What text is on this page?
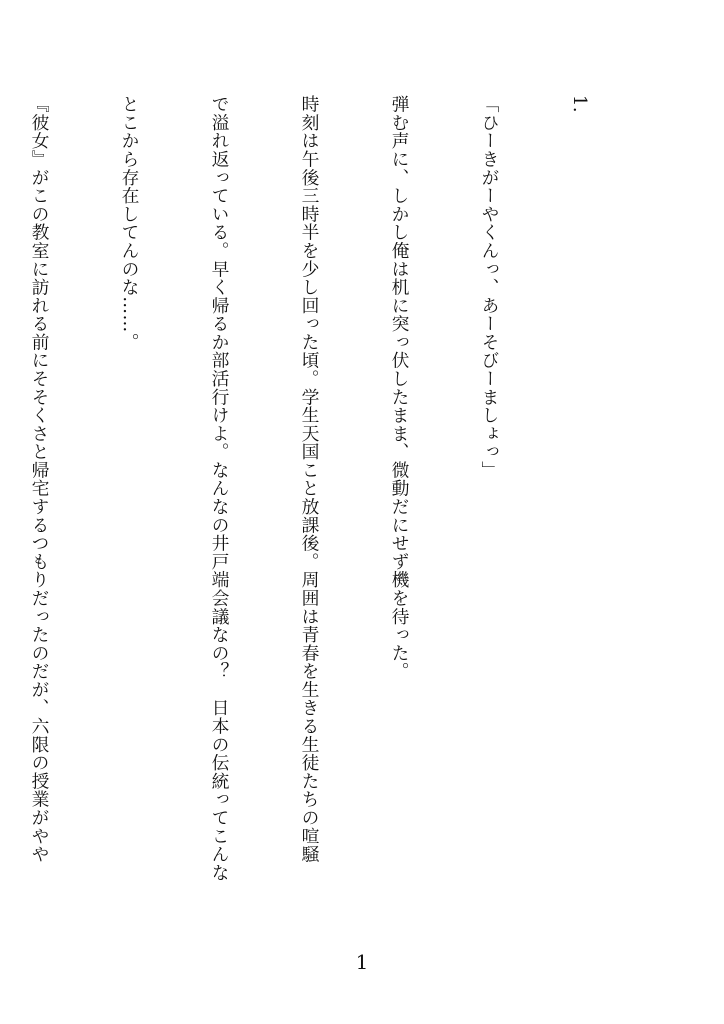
1.

「ひーきがーやくんっ、あーそびーましょっ」

弾む声に、しかし俺は机に突っ伏したまま、微動だにせず機を待った。

時刻は午後三時半を少し回った頃。学生天国こと放課後。周囲は青春を生きる生徒たちの喧騒

で溢れ返っている。早く帰るか部活行けよ。なんなの井戸端会議なの？　日本の伝統ってこんな

とこから存在してんのな……。

『彼女』がこの教室に訪れる前にそそくさと帰宅するつもりだったのだが、六限の授業がやや

1
